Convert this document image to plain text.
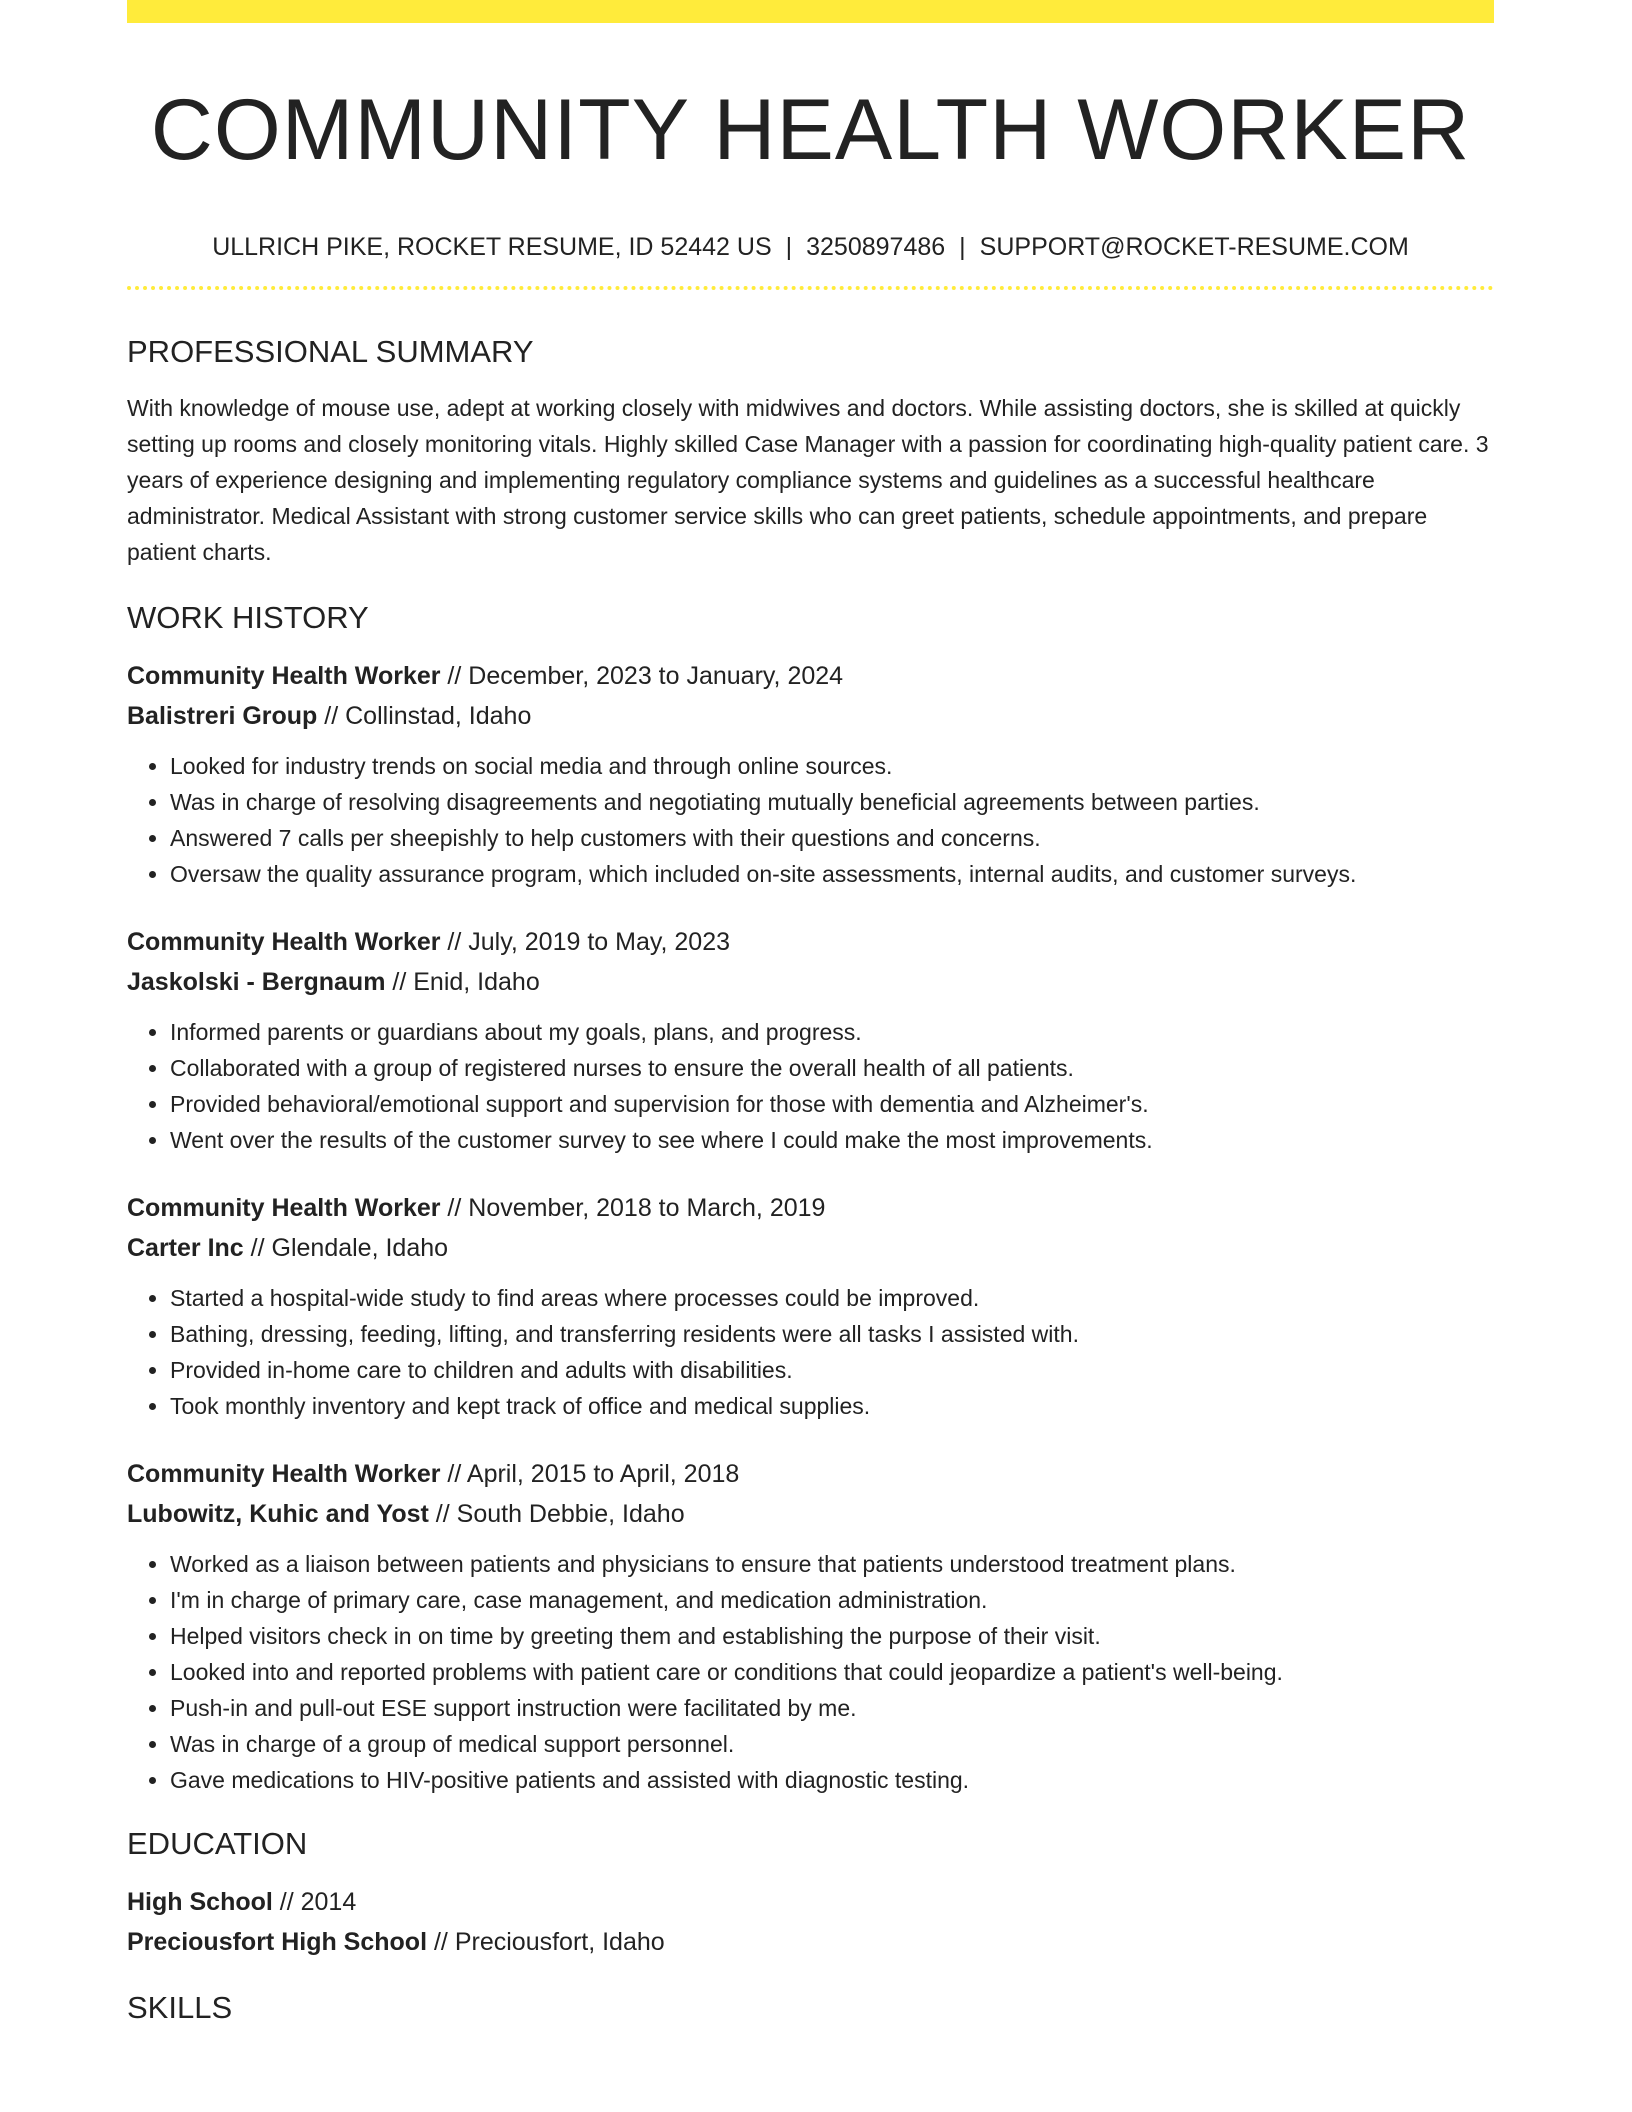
COMMUNITY HEALTH WORKER
ULLRICH PIKE, ROCKET RESUME, ID 52442 US | 3250897486 | SUPPORT@ROCKET-RESUME.COM
PROFESSIONAL SUMMARY

With knowledge of mouse use, adept at working closely with midwives and doctors. While assisting doctors, she is skilled at quickly setting up rooms and closely monitoring vitals. Highly skilled Case Manager with a passion for coordinating high-quality patient care. 3 years of experience designing and implementing regulatory compliance systems and guidelines as a successful healthcare administrator. Medical Assistant with strong customer service skills who can greet patients, schedule appointments, and prepare patient charts.

WORK HISTORY
Community Health Worker // December, 2023 to January, 2024
Balistreri Group // Collinstad, Idaho
• Looked for industry trends on social media and through online sources.
• Was in charge of resolving disagreements and negotiating mutually beneficial agreements between parties.
• Answered 7 calls per sheepishly to help customers with their questions and concerns.
• Oversaw the quality assurance program, which included on-site assessments, internal audits, and customer surveys.
Community Health Worker // July, 2019 to May, 2023
Jaskolski - Bergnaum // Enid, Idaho
• Informed parents or guardians about my goals, plans, and progress.
• Collaborated with a group of registered nurses to ensure the overall health of all patients.
• Provided behavioral/emotional support and supervision for those with dementia and Alzheimer's.
• Went over the results of the customer survey to see where I could make the most improvements.
Community Health Worker // November, 2018 to March, 2019
Carter Inc // Glendale, Idaho
• Started a hospital-wide study to find areas where processes could be improved.
• Bathing, dressing, feeding, lifting, and transferring residents were all tasks I assisted with.
• Provided in-home care to children and adults with disabilities.
• Took monthly inventory and kept track of office and medical supplies.
Community Health Worker // April, 2015 to April, 2018
Lubowitz, Kuhic and Yost // South Debbie, Idaho
• Worked as a liaison between patients and physicians to ensure that patients understood treatment plans.
• I'm in charge of primary care, case management, and medication administration.
• Helped visitors check in on time by greeting them and establishing the purpose of their visit.
• Looked into and reported problems with patient care or conditions that could jeopardize a patient's well-being.
• Push-in and pull-out ESE support instruction were facilitated by me.
• Was in charge of a group of medical support personnel.
• Gave medications to HIV-positive patients and assisted with diagnostic testing.
EDUCATION
High School // 2014
Preciousfort High School // Preciousfort, Idaho
SKILLS
